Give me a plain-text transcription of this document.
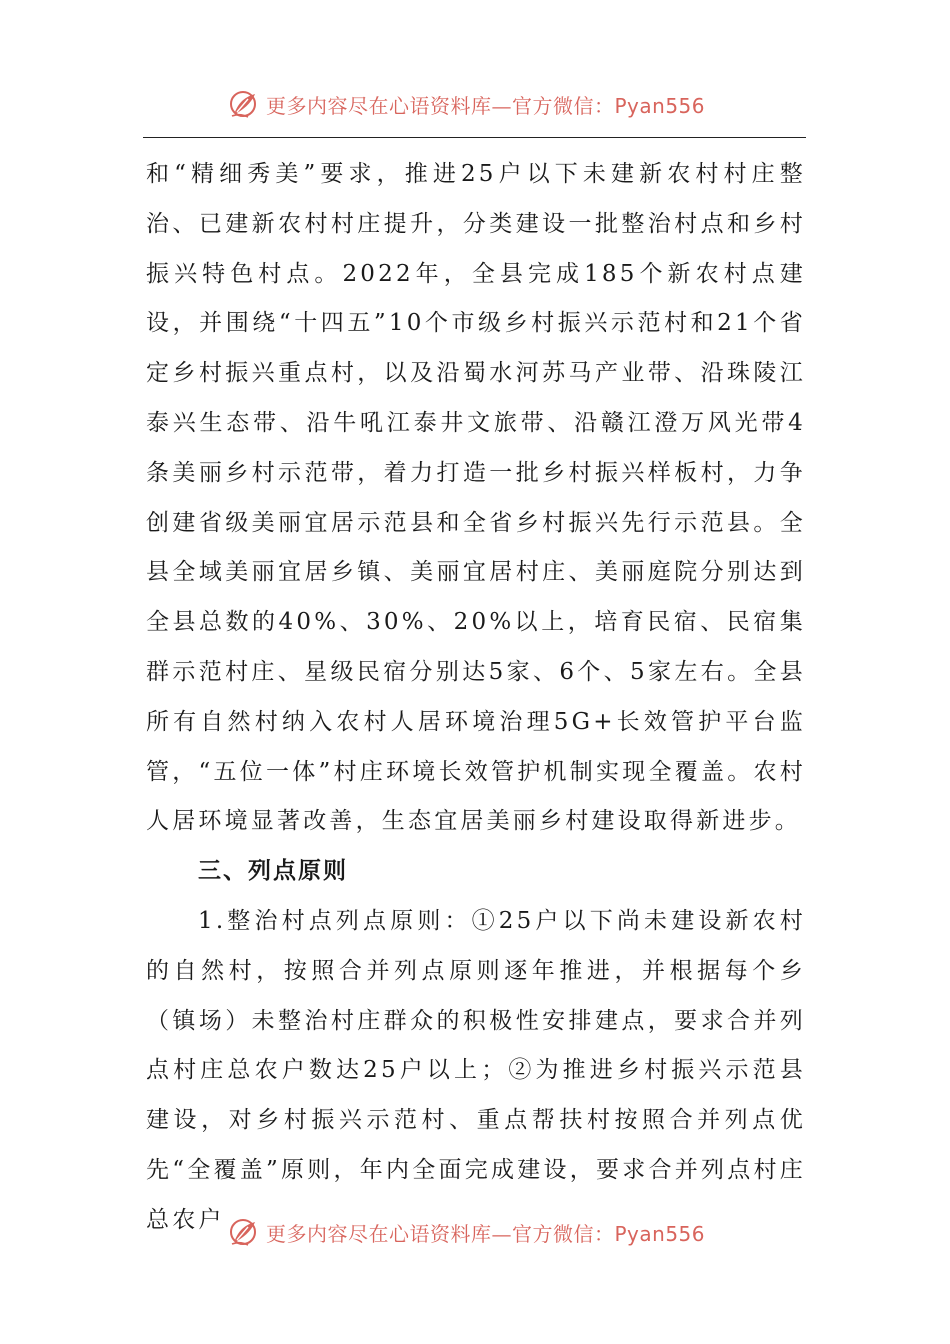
更多内容尽在心语资料库—官方微信：Pyan556

和“精细秀美”要求，推进25户以下未建新农村村庄整治、已建新农村村庄提升，分类建设一批整治村点和乡村振兴特色村点。2022年，全县完成185个新农村点建设，并围绕“十四五”10个市级乡村振兴示范村和21个省定乡村振兴重点村，以及沿蜀水河苏马产业带、沿珠陵江泰兴生态带、沿牛吼江泰井文旅带、沿赣江澄万风光带4条美丽乡村示范带，着力打造一批乡村振兴样板村，力争创建省级美丽宜居示范县和全省乡村振兴先行示范县。全县全域美丽宜居乡镇、美丽宜居村庄、美丽庭院分别达到全县总数的40%、30%、20%以上，培育民宿、民宿集群示范村庄、星级民宿分别达5家、6个、5家左右。全县所有自然村纳入农村人居环境治理5G+长效管护平台监管，“五位一体”村庄环境长效管护机制实现全覆盖。农村人居环境显著改善，生态宜居美丽乡村建设取得新进步。

三、列点原则

1.整治村点列点原则：①25户以下尚未建设新农村的自然村，按照合并列点原则逐年推进，并根据每个乡（镇场）未整治村庄群众的积极性安排建点，要求合并列点村庄总农户数达25户以上；②为推进乡村振兴示范县建设，对乡村振兴示范村、重点帮扶村按照合并列点优先“全覆盖”原则，年内全面完成建设，要求合并列点村庄总农户

更多内容尽在心语资料库—官方微信：Pyan556
